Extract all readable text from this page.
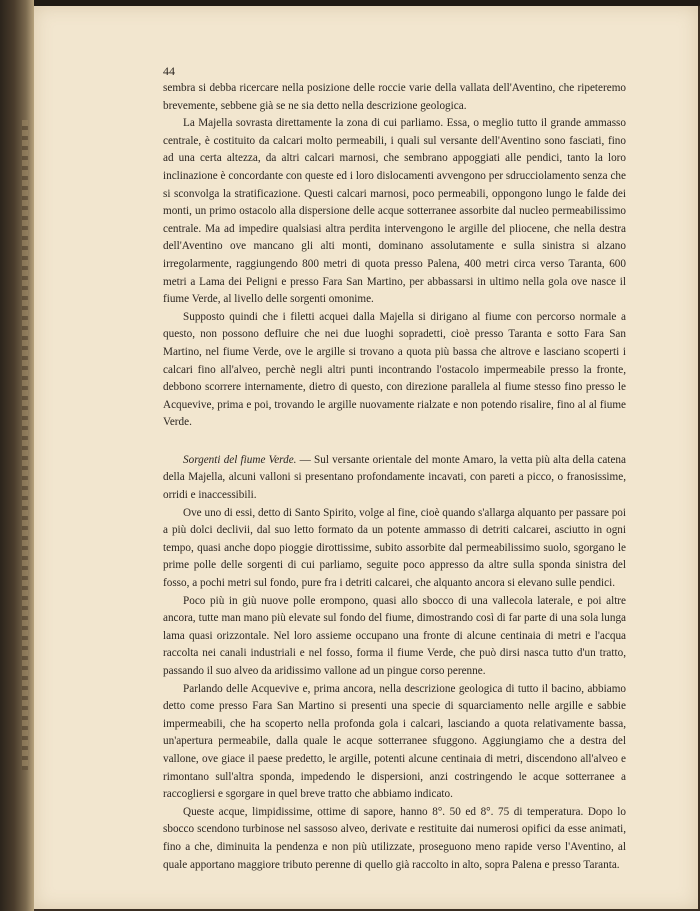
44

sembra si debba ricercare nella posizione delle roccie varie della vallata dell'Aventino, che ripeteremo brevemente, sebbene già se ne sia detto nella descrizione geologica.

La Majella sovrasta direttamente la zona di cui parliamo. Essa, o meglio tutto il grande ammasso centrale, è costituito da calcari molto permeabili, i quali sul versante dell'Aventino sono fasciati, fino ad una certa altezza, da altri calcari marnosi, che sembrano appoggiati alle pendici, tanto la loro inclinazione è concordante con queste ed i loro dislocamenti avvengono per sdrucciolamento senza che si sconvolga la stratificazione. Questi calcari marnosi, poco permeabili, oppongono lungo le falde dei monti, un primo ostacolo alla dispersione delle acque sotterranee assorbite dal nucleo permeabilissimo centrale. Ma ad impedire qualsiasi altra perdita intervengono le argille del pliocene, che nella destra dell'Aventino ove mancano gli alti monti, dominano assolutamente e sulla sinistra si alzano irregolarmente, raggiungendo 800 metri di quota presso Palena, 400 metri circa verso Taranta, 600 metri a Lama dei Peligni e presso Fara San Martino, per abbassarsi in ultimo nella gola ove nasce il fiume Verde, al livello delle sorgenti omonime.

Supposto quindi che i filetti acquei dalla Majella si dirigano al fiume con percorso normale a questo, non possono defluire che nei due luoghi sopradetti, cioè presso Taranta e sotto Fara San Martino, nel fiume Verde, ove le argille si trovano a quota più bassa che altrove e lasciano scoperti i calcari fino all'alveo, perchè negli altri punti incontrando l'ostacolo impermeabile presso la fronte, debbono scorrere internamente, dietro di questo, con direzione parallela al fiume stesso fino presso le Acquevive, prima e poi, trovando le argille nuovamente rialzate e non potendo risalire, fino al al fiume Verde.

Sorgenti del fiume Verde. — Sul versante orientale del monte Amaro, la vetta più alta della catena della Majella, alcuni valloni si presentano profondamente incavati, con pareti a picco, o franosissime, orridi e inaccessibili.

Ove uno di essi, detto di Santo Spirito, volge al fine, cioè quando s'allarga alquanto per passare poi a più dolci declivii, dal suo letto formato da un potente ammasso di detriti calcarei, asciutto in ogni tempo, quasi anche dopo pioggie dirottissime, subito assorbite dal permeabilissimo suolo, sgorgano le prime polle delle sorgenti di cui parliamo, seguite poco appresso da altre sulla sponda sinistra del fosso, a pochi metri sul fondo, pure fra i detriti calcarei, che alquanto ancora si elevano sulle pendici.

Poco più in giù nuove polle erompono, quasi allo sbocco di una vallecola laterale, e poi altre ancora, tutte man mano più elevate sul fondo del fiume, dimostrando così di far parte di una sola lunga lama quasi orizzontale. Nel loro assieme occupano una fronte di alcune centinaia di metri e l'acqua raccolta nei canali industriali e nel fosso, forma il fiume Verde, che può dirsi nasca tutto d'un tratto, passando il suo alveo da aridissimo vallone ad un pingue corso perenne.

Parlando delle Acquevive e, prima ancora, nella descrizione geologica di tutto il bacino, abbiamo detto come presso Fara San Martino si presenti una specie di squarciamento nelle argille e sabbie impermeabili, che ha scoperto nella profonda gola i calcari, lasciando a quota relativamente bassa, un'apertura permeabile, dalla quale le acque sotterranee sfuggono. Aggiungiamo che a destra del vallone, ove giace il paese predetto, le argille, potenti alcune centinaia di metri, discendono all'alveo e rimontano sull'altra sponda, impedendo le dispersioni, anzi costringendo le acque sotterranee a raccogliersi e sgorgare in quel breve tratto che abbiamo indicato.

Queste acque, limpidissime, ottime di sapore, hanno 8°. 50 ed 8°. 75 di temperatura. Dopo lo sbocco scendono turbinose nel sassoso alveo, derivate e restituite dai numerosi opifici da esse animati, fino a che, diminuita la pendenza e non più utilizzate, proseguono meno rapide verso l'Aventino, al quale apportano maggiore tributo perenne di quello già raccolto in alto, sopra Palena e presso Taranta.
